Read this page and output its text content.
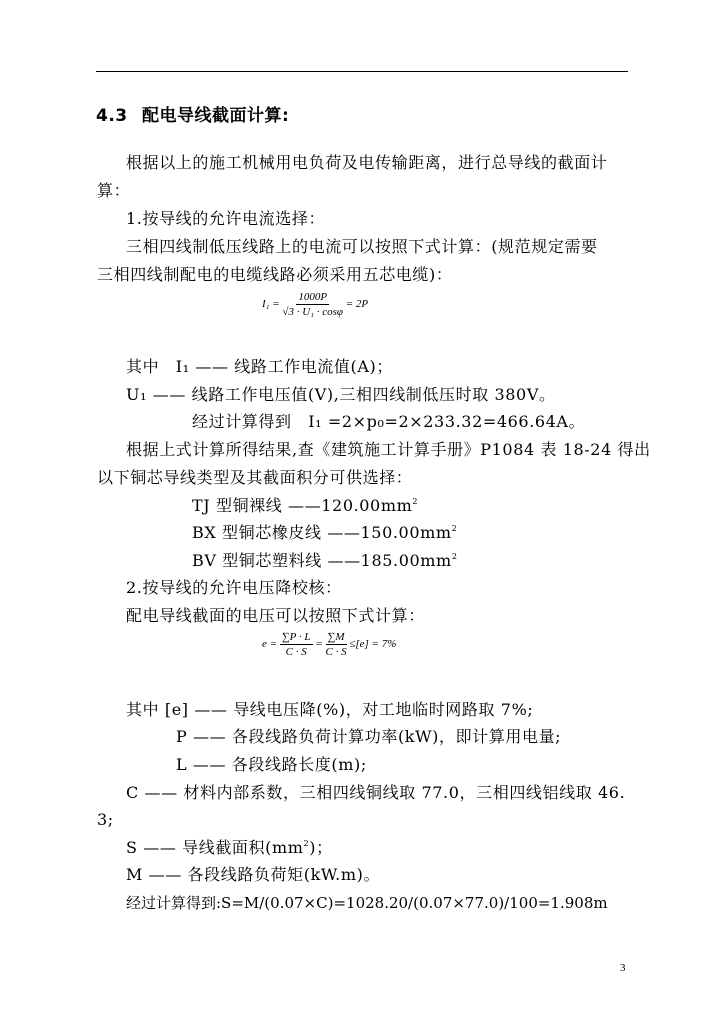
4.3 配电导线截面计算:
根据以上的施工机械用电负荷及电传输距离，进行总导线的截面计
算：
1.按导线的允许电流选择：
三相四线制低压线路上的电流可以按照下式计算：(规范规定需要
三相四线制配电的电缆线路必须采用五芯电缆)：
$I_1 = \frac{1000P}{\text{√3 · U₁ · cosφ}} = 2P$
其中　I₁ —— 线路工作电流值(A)；
U₁ —— 线路工作电压值(V),三相四线制低压时取 380V。
经过计算得到　I₁ =2×p₀=2×233.32=466.64A。
根据上式计算所得结果,查《建筑施工计算手册》P1084 表 18-24 得出
以下铜芯导线类型及其截面积分可供选择：
TJ 型铜裸线 $——120.00mm^2$
BX 型铜芯橡皮线 $——150.00mm^2$
BV 型铜芯塑料线 $——185.00mm^2$
2.按导线的允许电压降校核：
配电导线截面的电压可以按照下式计算：
$e = \frac{\sum P \cdot L}{C \cdot S} = \frac{\sum M}{C \cdot S} \le[e] = 7\%$
其中 [e] —— 导线电压降(%)，对工地临时网路取 7%;
P —— 各段线路负荷计算功率(kW)，即计算用电量;
L —— 各段线路长度(m);
C —— 材料内部系数，三相四线铜线取 77.0，三相四线铝线取 46.
3;
S —— 导线截面积$(mm^2)$；
M —— 各段线路负荷矩(kW.m)。
经过计算得到:S=M/(0.07×C)=1028.20/(0.07×77.0)/100=1.908m
3
